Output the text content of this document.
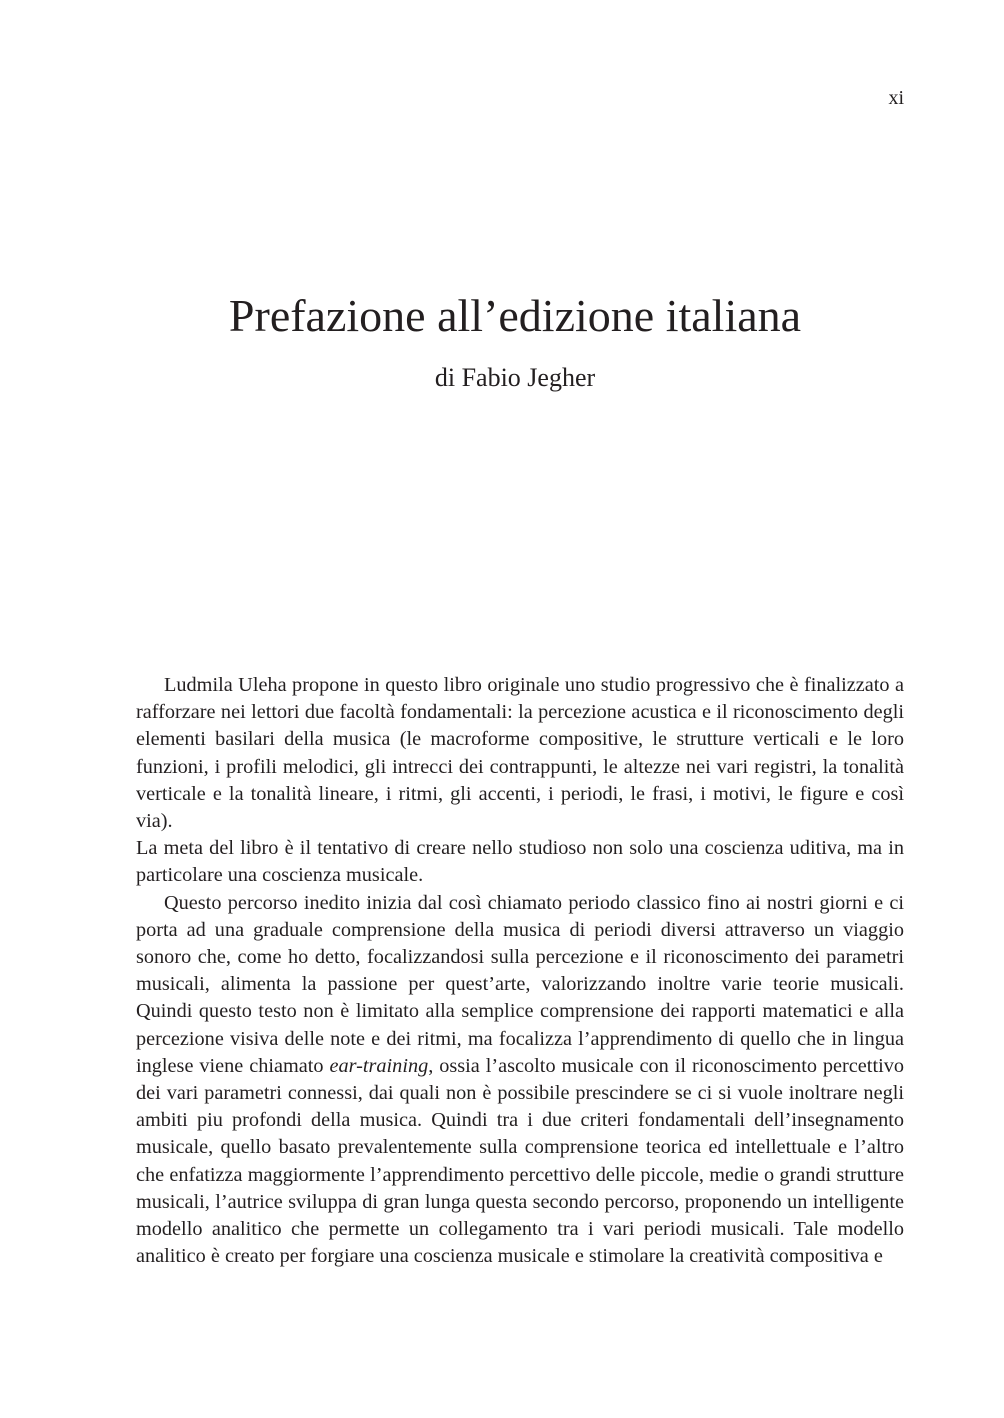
xi
Prefazione all’edizione italiana
di Fabio Jegher

Ludmila Uleha propone in questo libro originale uno studio progressivo che è finalizzato a rafforzare nei lettori due facoltà fondamentali: la percezione acustica e il riconoscimento degli elementi basilari della musica (le macroforme compositive, le strutture verticali e le loro funzioni, i profili melodici, gli intrecci dei contrappunti, le altezze nei vari registri, la tonalità verticale e la tonalità lineare, i ritmi, gli accenti, i periodi, le frasi, i motivi, le figure e così via).

La meta del libro è il tentativo di creare nello studioso non solo una coscienza uditiva, ma in particolare una coscienza musicale.

Questo percorso inedito inizia dal così chiamato periodo classico fino ai nostri giorni e ci porta ad una graduale comprensione della musica di periodi diversi attraverso un viaggio sonoro che, come ho detto, focalizzandosi sulla percezione e il riconoscimento dei parametri musicali, alimenta la passione per quest’arte, valorizzando inoltre varie teorie musicali. Quindi questo testo non è limitato alla semplice comprensione dei rapporti matematici e alla percezione visiva delle note e dei ritmi, ma focalizza l’apprendimento di quello che in lingua inglese viene chiamato ear-training, ossia l’ascolto musicale con il riconoscimento percettivo dei vari parametri connessi, dai quali non è possibile prescindere se ci si vuole inoltrare negli ambiti piu profondi della musica. Quindi tra i due criteri fondamentali dell’insegnamento musicale, quello basato prevalentemente sulla comprensione teorica ed intellettuale e l’altro che enfatizza maggiormente l’apprendimento percettivo delle piccole, medie o grandi strutture musicali, l’autrice sviluppa di gran lunga questa secondo percorso, proponendo un intelligente modello analitico che permette un collegamento tra i vari periodi musicali. Tale modello analitico è creato per forgiare una coscienza musicale e stimolare la creatività compositiva e
